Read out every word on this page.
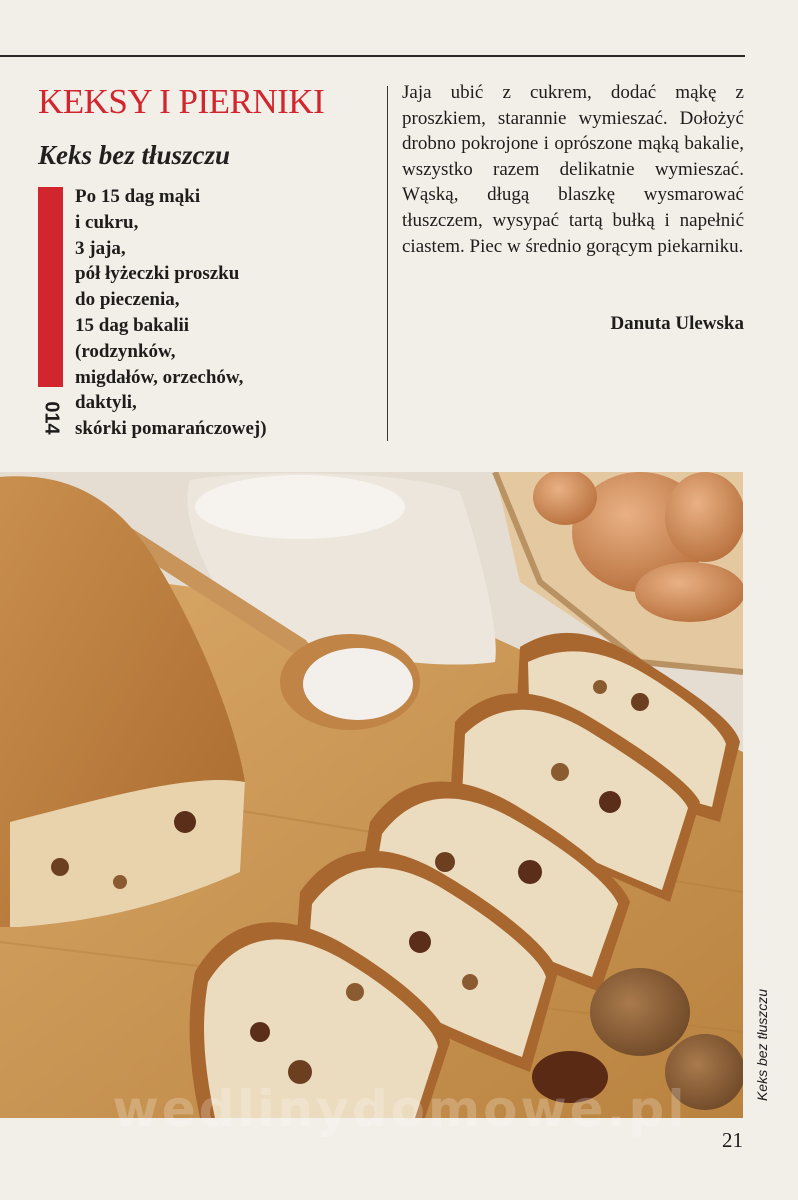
KEKSY I PIERNIKI
Keks bez tłuszczu
014
Po 15 dag mąki
i cukru,
3 jaja,
pół łyżeczki proszku
do pieczenia,
15 dag bakalii
(rodzynków,
migdałów, orzechów,
daktyli,
skórki pomarańczowej)

Jaja ubić z cukrem, dodać mąkę z proszkiem, starannie wymieszać. Dołożyć drobno pokrojone i oprószone mąką bakalie, wszystko razem delikatnie wymieszać. Wąską, długą blaszkę wysmarować tłuszczem, wysypać tartą bułką i napełnić ciastem. Piec w średnio gorącym piekarniku.

Danuta Ulewska

wedlinydomowe.pl
Keks bez tłuszczu

21
